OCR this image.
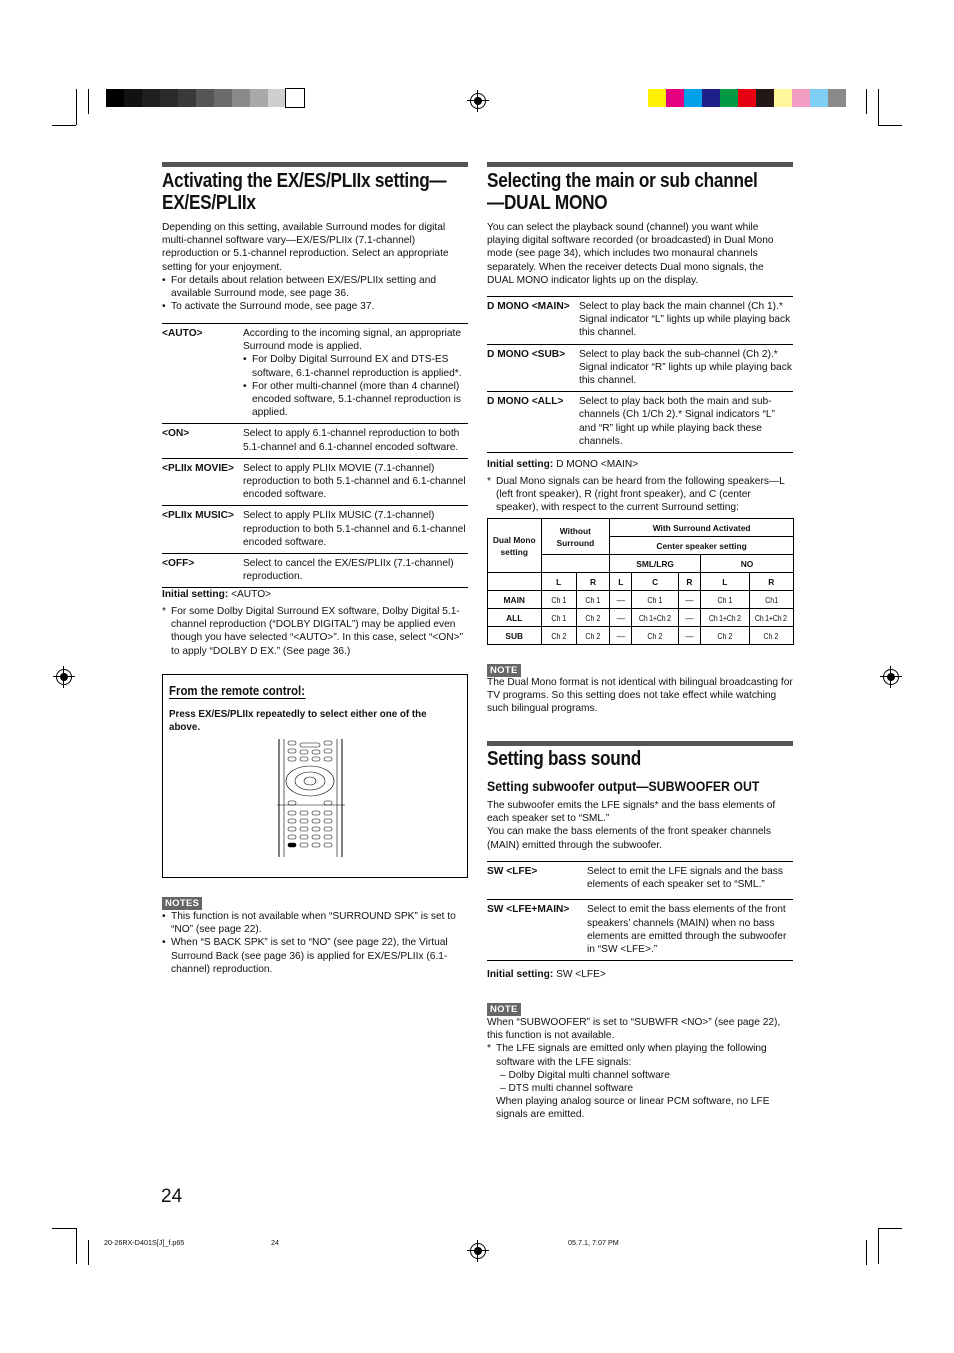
Activating the EX/ES/PLIIx setting—
EX/ES/PLIIx

Depending on this setting, available Surround modes for digital multi-channel software vary—EX/ES/PLIIx (7.1-channel) reproduction or 5.1-channel reproduction. Select an appropriate setting for your enjoyment.

• For details about relation between EX/ES/PLIIx setting and available Surround mode, see page 36.
• To activate the Surround mode, see page 37.
<AUTO>	According to the incoming signal, an appropriate Surround mode is applied.
• For Dolby Digital Surround EX and DTS-ES software, 6.1-channel reproduction is applied*.
• For other multi-channel (more than 4 channel) encoded software, 5.1-channel reproduction is applied.
<ON>	Select to apply 6.1-channel reproduction to both 5.1-channel and 6.1-channel encoded software.
<PLIIx MOVIE> Select to apply PLIIx MOVIE (7.1-channel) reproduction to both 5.1-channel and 6.1-channel encoded software.
<PLIIx MUSIC> Select to apply PLIIx MUSIC (7.1-channel) reproduction to both 5.1-channel and 6.1-channel encoded software.
<OFF>	Select to cancel the EX/ES/PLIIx (7.1-channel) reproduction.
Initial setting: <AUTO>
* For some Dolby Digital Surround EX software, Dolby Digital 5.1-channel reproduction (“DOLBY DIGITAL”) may be applied even though you have selected “<AUTO>”. In this case, select “<ON>” to apply “DOLBY D EX.” (See page 36.)
From the remote control:
Press EX/ES/PLIIx repeatedly to select either one of the above.
NOTES
• This function is not available when “SURROUND SPK” is set to “NO” (see page 22).
• When “S BACK SPK” is set to “NO” (see page 22), the Virtual Surround Back (see page 36) is applied for EX/ES/PLIIx (6.1-channel) reproduction.
Selecting the main or sub channel
—DUAL MONO
You can select the playback sound (channel) you want while playing digital software recorded (or broadcasted) in Dual Mono mode (see page 34), which includes two monaural channels separately. When the receiver detects Dual mono signals, the DUAL MONO indicator lights up on the display.
D MONO <MAIN> Select to play back the main channel (Ch 1).* Signal indicator “L” lights up while playing back this channel.
D MONO <SUB>	Select to play back the sub-channel (Ch 2).* Signal indicator “R” lights up while playing back this channel.
D MONO <ALL>	Select to play back both the main and sub-channels (Ch 1/Ch 2).* Signal indicators “L” and “R” light up while playing back these channels.
Initial setting: D MONO <MAIN>
* Dual Mono signals can be heard from the following speakers—L (left front speaker), R (right front speaker), and C (center speaker), with respect to the current Surround setting:
Dual Mono setting	Without Surround		With Surround Activated				
			Center speaker setting				
			SML/LRG			NO	
	L	R	L	C	R	L	R
MAIN	Ch 1	Ch 1	—	Ch 1	—	Ch 1	Ch1
ALL	Ch 1	Ch 2	—	Ch 1+Ch 2	—	Ch 1+Ch 2	Ch 1+Ch 2
SUB	Ch 2	Ch 2	—	Ch 2	—	Ch 2	Ch 2
NOTE
The Dual Mono format is not identical with bilingual broadcasting for TV programs. So this setting does not take effect while watching such bilingual programs.
Setting bass sound
Setting subwoofer output—SUBWOOFER OUT

The subwoofer emits the LFE signals* and the bass elements of each speaker set to “SML.”

You can make the bass elements of the front speaker channels (MAIN) emitted through the subwoofer.

SW <LFE>	Select to emit the LFE signals and the bass elements of each speaker set to “SML.”
SW <LFE+MAIN>	Select to emit the bass elements of the front speakers’ channels (MAIN) when no bass elements are emitted through the subwoofer in “SW <LFE>.”
Initial setting: SW <LFE>
NOTE

When “SUBWOOFER” is set to “SUBWFR <NO>” (see page 22), this function is not available.

* The LFE signals are emitted only when playing the following software with the LFE signals:

– Dolby Digital multi channel software

– DTS multi channel software

When playing analog source or linear PCM software, no LFE signals are emitted.

24
20-26RX-D401S[J]_f.p65	24	05.7.1, 7:07 PM
